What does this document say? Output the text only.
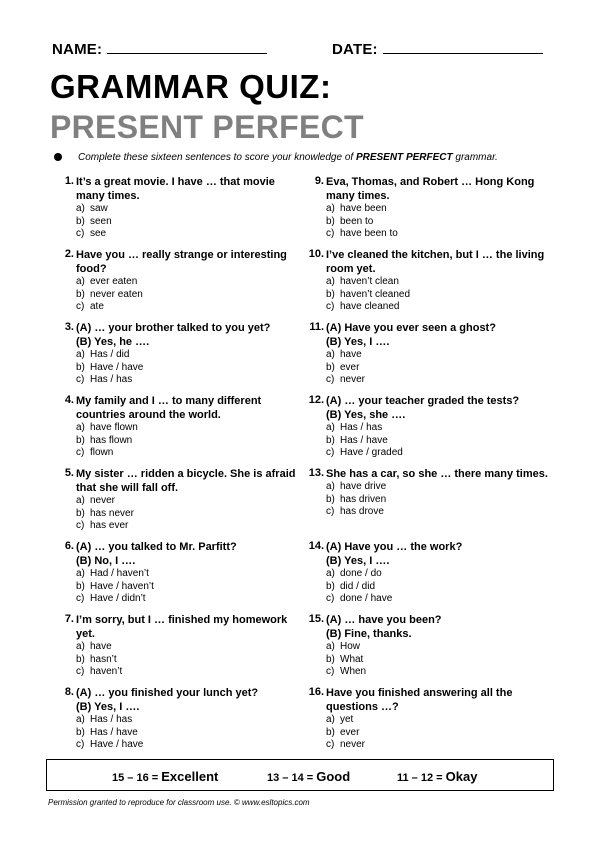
NAME:	DATE:
GRAMMAR QUIZ:
PRESENT PERFECT
Complete these sixteen sentences to score your knowledge of PRESENT PERFECT grammar.
1. It’s a great movie. I have … that movie many times.
a) saw
b) seen
c) see
2. Have you … really strange or interesting food?
a) ever eaten
b) never eaten
c) ate
3. (A) … your brother talked to you yet?
(B) Yes, he ….
a) Has / did
b) Have / have
c) Has / has
4. My family and I … to many different countries around the world.
a) have flown
b) has flown
c) flown
5. My sister … ridden a bicycle. She is afraid that she will fall off.
a) never
b) has never
c) has ever
6. (A) … you talked to Mr. Parfitt?
(B) No, I ….
a) Had / haven’t
b) Have / haven’t
c) Have / didn’t
7. I’m sorry, but I … finished my homework yet.
a) have
b) hasn’t
c) haven’t
8. (A) … you finished your lunch yet?
(B) Yes, I ….
a) Has / has
b) Has / have
c) Have / have
9. Eva, Thomas, and Robert … Hong Kong many times.
a) have been
b) been to
c) have been to
10. I’ve cleaned the kitchen, but I … the living room yet.
a) haven’t clean
b) haven’t cleaned
c) have cleaned
11. (A) Have you ever seen a ghost?
(B) Yes, I ….
a) have
b) ever
c) never
12. (A) … your teacher graded the tests?
(B) Yes, she ….
a) Has / has
b) Has / have
c) Have / graded
13. She has a car, so she … there many times.
a) have drive
b) has driven
c) has drove
14. (A) Have you … the work?
(B) Yes, I ….
a) done / do
b) did / did
c) done / have
15. (A) … have you been?
(B) Fine, thanks.
a) How
b) What
c) When
16. Have you finished answering all the questions …?
a) yet
b) ever
c) never
15 – 16 = Excellent	13 – 14 = Good	11 – 12 = Okay
Permission granted to reproduce for classroom use. © www.esltopics.com
